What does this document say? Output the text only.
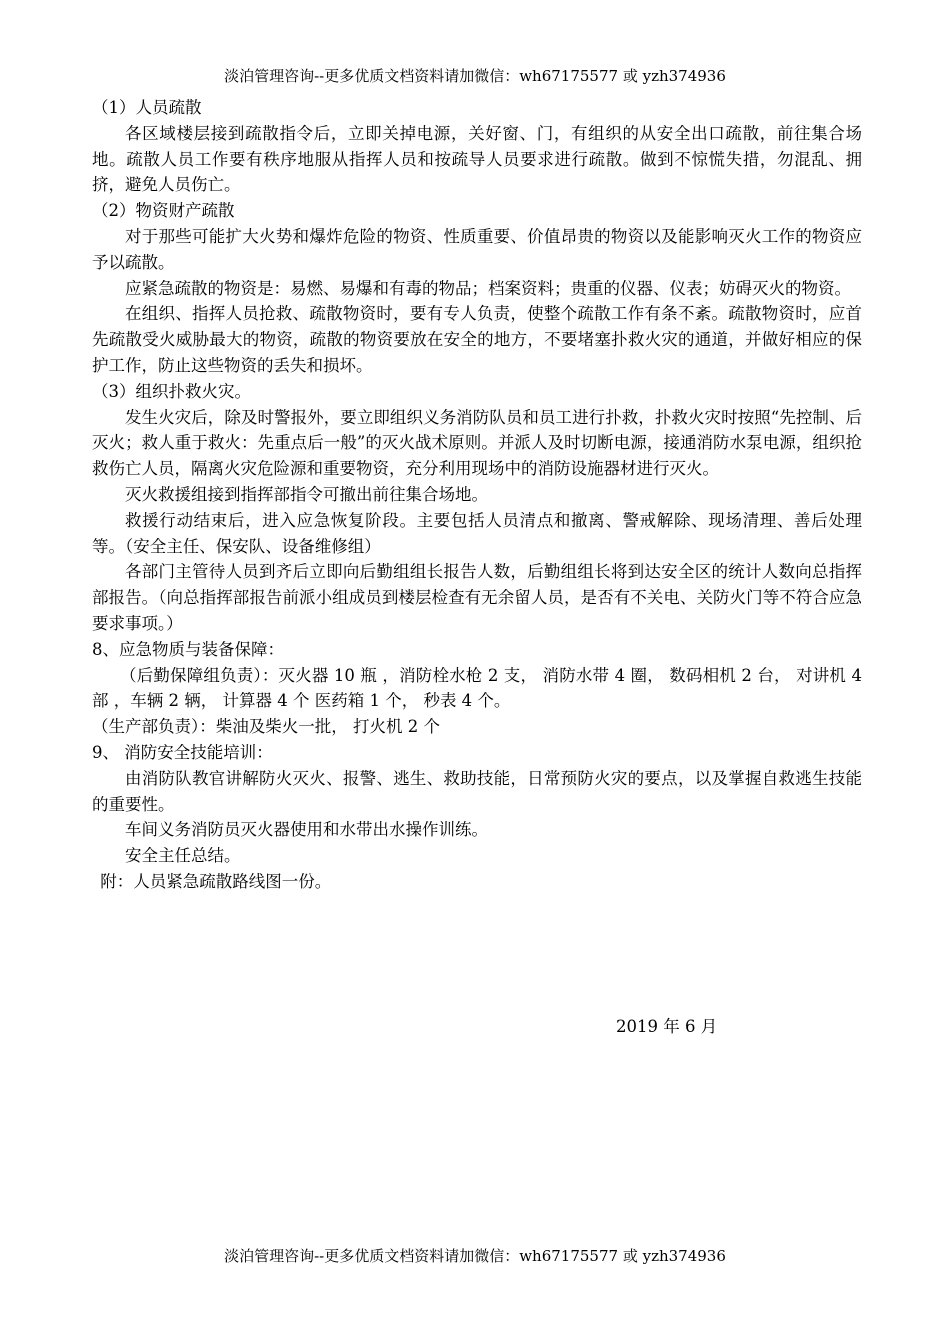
淡泊管理咨询--更多优质文档资料请加微信：wh67175577 或 yzh374936

（1）人员疏散

各区域楼层接到疏散指令后，立即关掉电源，关好窗、门，有组织的从安全出口疏散，前往集合场地。疏散人员工作要有秩序地服从指挥人员和按疏导人员要求进行疏散。做到不惊慌失措，勿混乱、拥挤，避免人员伤亡。

（2）物资财产疏散

对于那些可能扩大火势和爆炸危险的物资、性质重要、价值昂贵的物资以及能影响灭火工作的物资应予以疏散。

应紧急疏散的物资是：易燃、易爆和有毒的物品；档案资料；贵重的仪器、仪表；妨碍灭火的物资。

在组织、指挥人员抢救、疏散物资时，要有专人负责，使整个疏散工作有条不紊。疏散物资时，应首先疏散受火威胁最大的物资，疏散的物资要放在安全的地方，不要堵塞扑救火灾的通道，并做好相应的保护工作，防止这些物资的丢失和损坏。

（3）组织扑救火灾。

发生火灾后，除及时警报外，要立即组织义务消防队员和员工进行扑救，扑救火灾时按照“先控制、后灭火；救人重于救火：先重点后一般”的灭火战术原则。并派人及时切断电源，接通消防水泵电源，组织抢救伤亡人员，隔离火灾危险源和重要物资，充分利用现场中的消防设施器材进行灭火。

灭火救援组接到指挥部指令可撤出前往集合场地。

救援行动结束后，进入应急恢复阶段。主要包括人员清点和撤离、警戒解除、现场清理、善后处理等。（安全主任、保安队、设备维修组）

各部门主管待人员到齐后立即向后勤组组长报告人数，后勤组组长将到达安全区的统计人数向总指挥部报告。（向总指挥部报告前派小组成员到楼层检查有无余留人员，是否有不关电、关防火门等不符合应急要求事项。）

8、应急物质与装备保障：

（后勤保障组负责）：灭火器 10 瓶 ，消防栓水枪 2 支， 消防水带 4 圈， 数码相机 2 台， 对讲机 4 部 ，车辆 2 辆， 计算器 4 个 医药箱 1 个， 秒表 4 个。

（生产部负责）：柴油及柴火一批， 打火机 2 个

9、 消防安全技能培训：

由消防队教官讲解防火灭火、报警、逃生、救助技能，日常预防火灾的要点，以及掌握自救逃生技能的重要性。

车间义务消防员灭火器使用和水带出水操作训练。

安全主任总结。

附：人员紧急疏散路线图一份。

2019 年 6 月
淡泊管理咨询--更多优质文档资料请加微信：wh67175577 或 yzh374936
